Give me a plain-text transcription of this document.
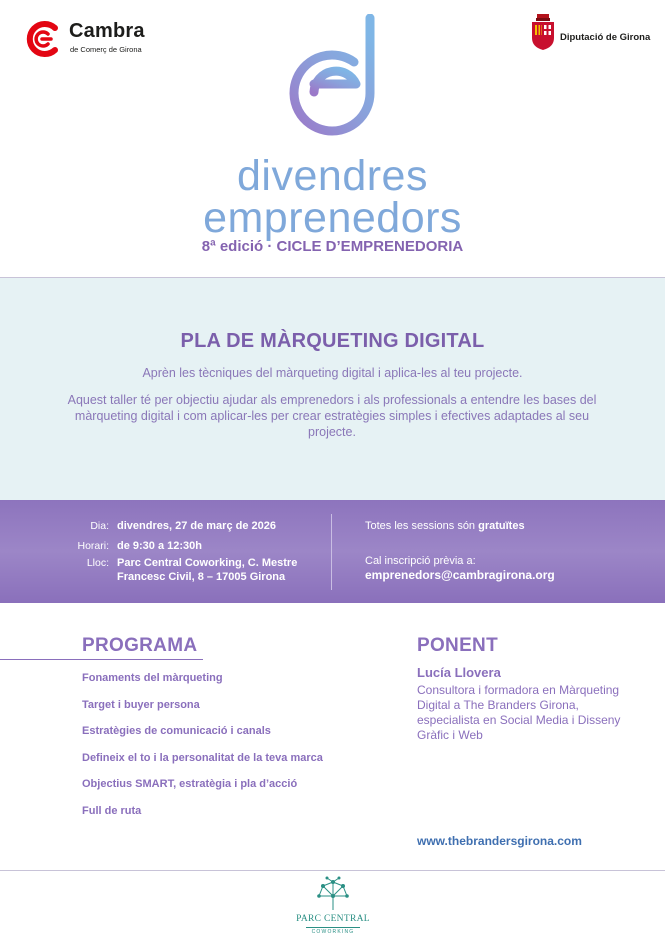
Cambra
de Comerç de Girona
Diputació de Girona
divendres
emprenedors
8ª edició · CICLE D’EMPRENEDORIA
PLA DE MÀRQUETING DIGITAL
Aprèn les tècniques del màrqueting digital i aplica-les al teu projecte.
Aquest taller té per objectiu ajudar als emprenedors i als professionals a entendre les bases del màrqueting digital i com aplicar-les per crear estratègies simples i efectives adaptades al seu projecte.
Dia: divendres, 27 de març de 2026
Horari: de 9:30 a 12:30h
Lloc: Parc Central Coworking, C. Mestre
Francesc Civil, 8 – 17005 Girona
Totes les sessions són gratuïtes
Cal inscripció prèvia a:
emprenedors@cambragirona.org
PROGRAMA
Fonaments del màrqueting
Target i buyer persona
Estratègies de comunicació i canals
Defineix el to i la personalitat de la teva marca
Objectius SMART, estratègia i pla d’acció
Full de ruta
PONENT
Lucía Llovera
Consultora i formadora en Màrqueting Digital a The Branders Girona, especialista en Social Media i Disseny Gràfic i Web
www.thebrandersgirona.com
PARC CENTRAL
COWORKING
